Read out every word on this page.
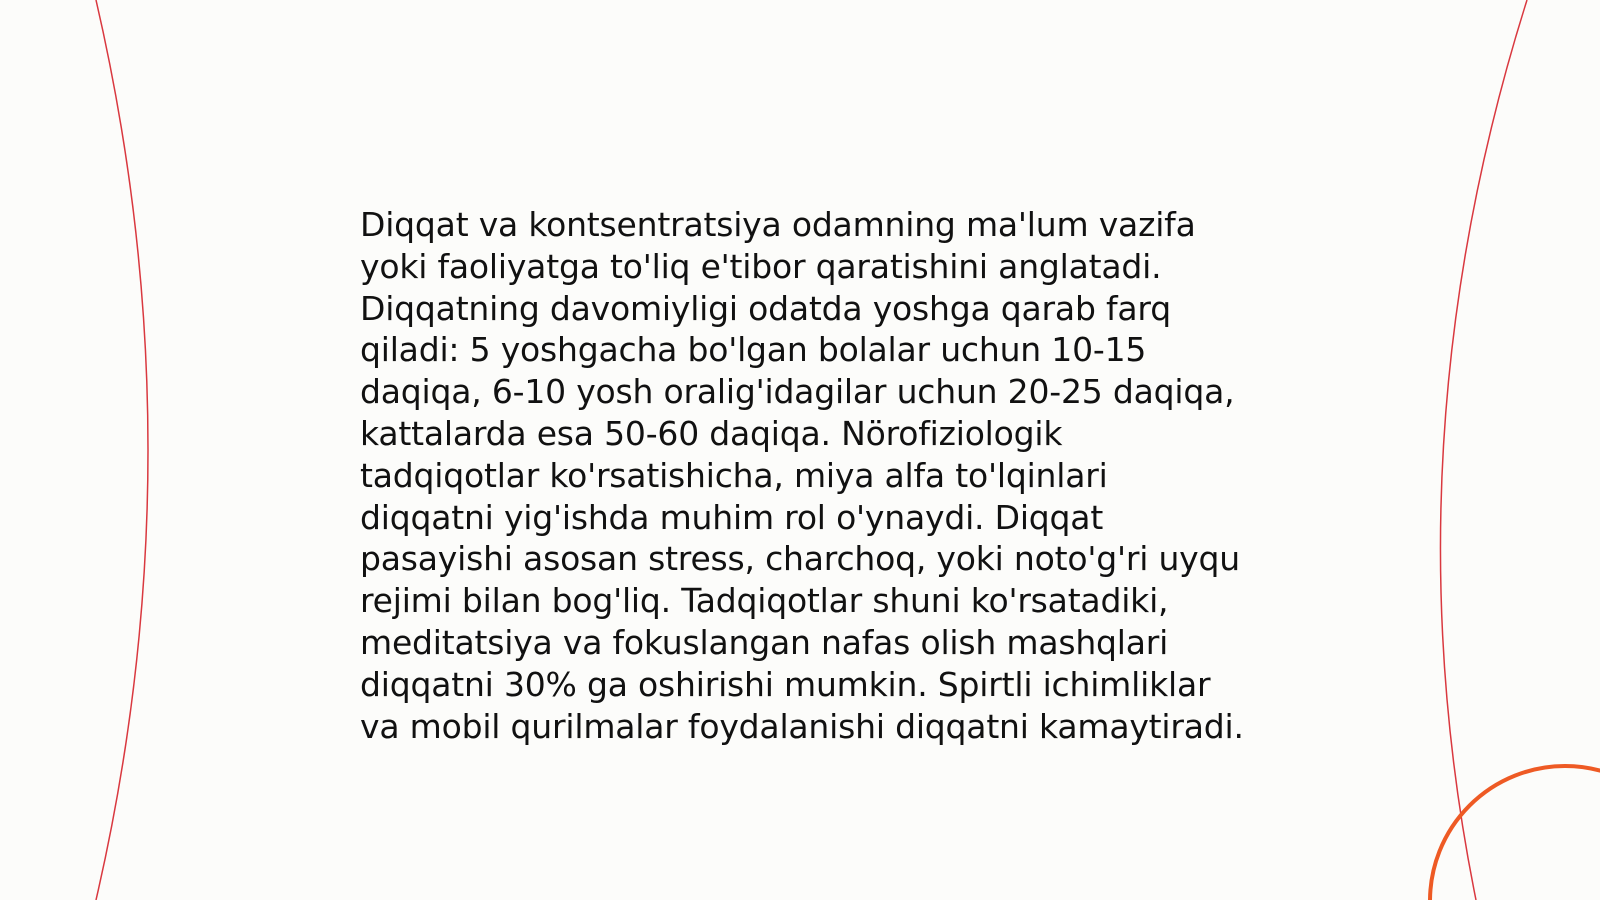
Diqqat va kontsentratsiya odamning ma'lum vazifa
yoki faoliyatga to'liq e'tibor qaratishini anglatadi.
Diqqatning davomiyligi odatda yoshga qarab farq
qiladi: 5 yoshgacha bo'lgan bolalar uchun 10-15
daqiqa, 6-10 yosh oralig'idagilar uchun 20-25 daqiqa,
kattalarda esa 50-60 daqiqa. Nörofiziologik
tadqiqotlar ko'rsatishicha, miya alfa to'lqinlari
diqqatni yig'ishda muhim rol o'ynaydi. Diqqat
pasayishi asosan stress, charchoq, yoki noto'g'ri uyqu
rejimi bilan bog'liq. Tadqiqotlar shuni ko'rsatadiki,
meditatsiya va fokuslangan nafas olish mashqlari
diqqatni 30% ga oshirishi mumkin. Spirtli ichimliklar
va mobil qurilmalar foydalanishi diqqatni kamaytiradi.
